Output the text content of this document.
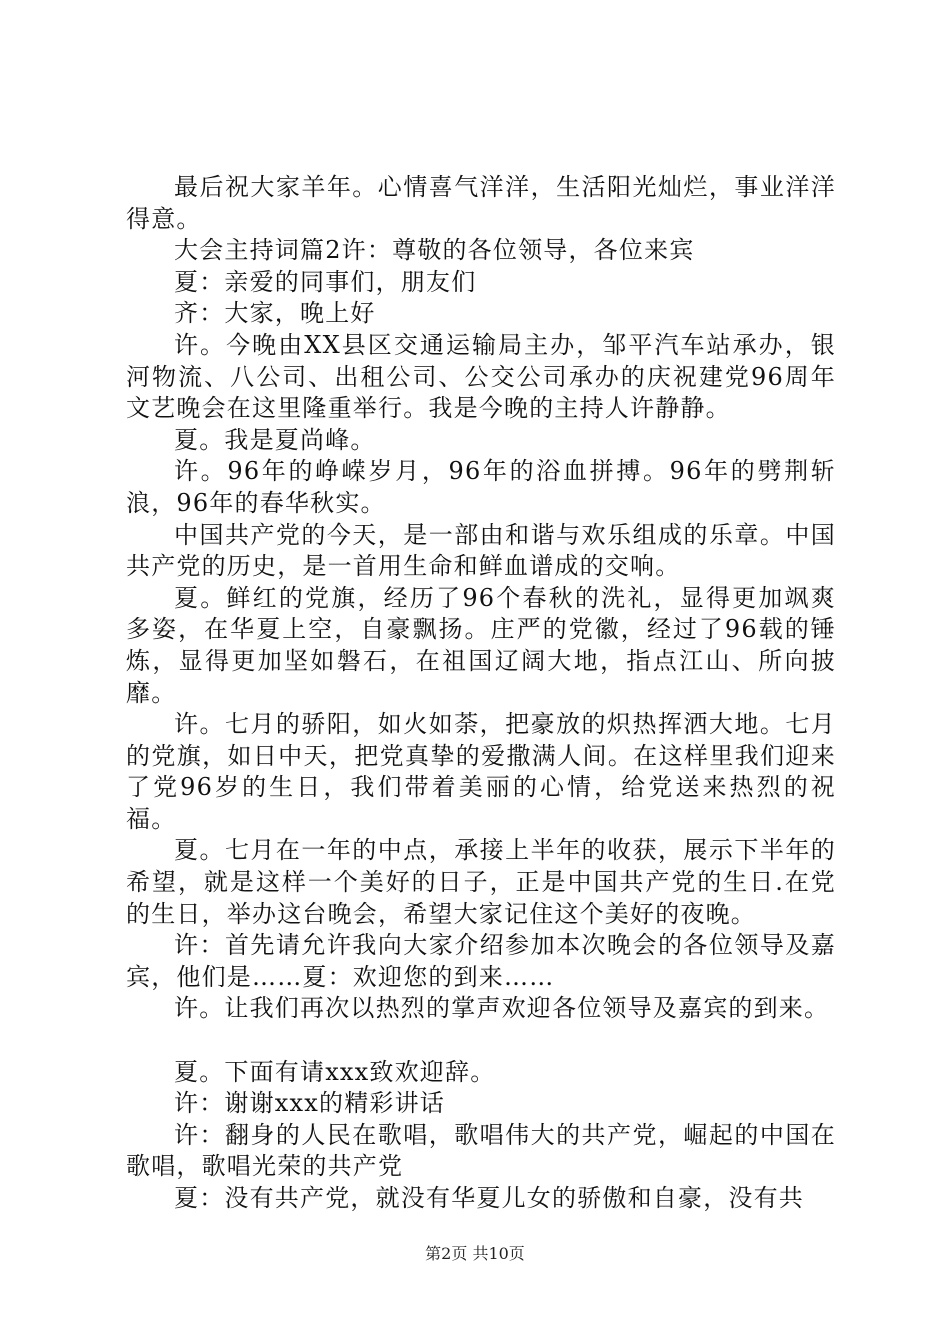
最后祝大家羊年。心情喜气洋洋，生活阳光灿烂，事业洋洋得意。

大会主持词篇2许：尊敬的各位领导，各位来宾

夏：亲爱的同事们，朋友们

齐：大家，晚上好

许。今晚由XX县区交通运输局主办，邹平汽车站承办，银河物流、八公司、出租公司、公交公司承办的庆祝建党96周年文艺晚会在这里隆重举行。我是今晚的主持人许静静。

夏。我是夏尚峰。

许。96年的峥嵘岁月，96年的浴血拼搏。96年的劈荆斩浪，96年的春华秋实。

中国共产党的今天，是一部由和谐与欢乐组成的乐章。中国共产党的历史，是一首用生命和鲜血谱成的交响。

夏。鲜红的党旗，经历了96个春秋的洗礼，显得更加飒爽多姿，在华夏上空，自豪飘扬。庄严的党徽，经过了96载的锤炼，显得更加坚如磐石，在祖国辽阔大地，指点江山、所向披靡。

许。七月的骄阳，如火如荼，把豪放的炽热挥洒大地。七月的党旗，如日中天，把党真挚的爱撒满人间。在这样里我们迎来了党96岁的生日，我们带着美丽的心情，给党送来热烈的祝福。

夏。七月在一年的中点，承接上半年的收获，展示下半年的希望，就是这样一个美好的日子，正是中国共产党的生日.在党的生日，举办这台晚会，希望大家记住这个美好的夜晚。

许：首先请允许我向大家介绍参加本次晚会的各位领导及嘉宾，他们是……夏：欢迎您的到来……

许。让我们再次以热烈的掌声欢迎各位领导及嘉宾的到来。

夏。下面有请xxx致欢迎辞。

许：谢谢xxx的精彩讲话

许：翻身的人民在歌唱，歌唱伟大的共产党，崛起的中国在歌唱，歌唱光荣的共产党

夏：没有共产党，就没有华夏儿女的骄傲和自豪，没有共

第2页 共10页
